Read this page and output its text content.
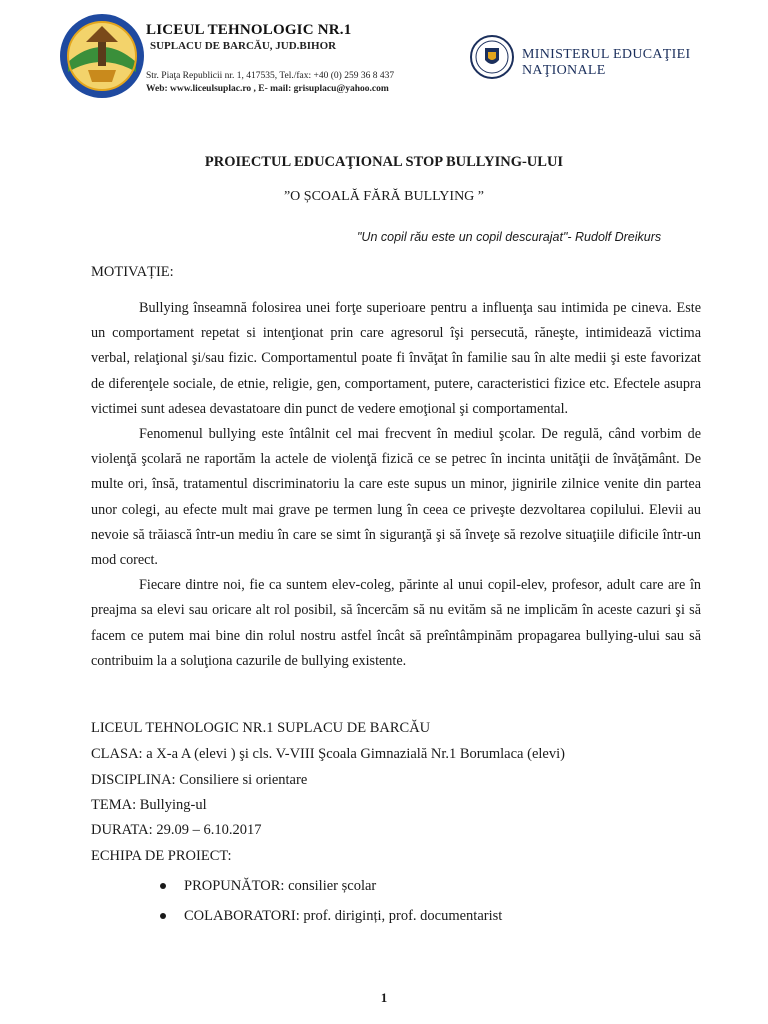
LICEUL TEHNOLOGIC NR.1
SUPLACU DE BARCĂU, JUD.BIHOR
Str. Piaţa Republicii nr. 1, 417535, Tel./fax: +40 (0) 259 36 8 437
Web: www.liceulsuplac.ro , E- mail: grisuplacu@yahoo.com
MINISTERUL EDUCAŢIEI NAŢIONALE
PROIECTUL EDUCAŢIONAL STOP BULLYING-ULUI
”O ȘCOALĂ FĂRĂ BULLYING ”
"Un copil rău este un copil descurajat"- Rudolf Dreikurs
MOTIVAȚIE:

Bullying înseamnă folosirea unei forţe superioare pentru a influenţa sau intimida pe cineva. Este un comportament repetat si intenţionat prin care agresorul îşi persecută, răneşte, intimidează victima verbal, relaţional şi/sau fizic. Comportamentul poate fi învăţat în familie sau în alte medii şi este favorizat de diferenţele sociale, de etnie, religie, gen, comportament, putere, caracteristici fizice etc. Efectele asupra victimei sunt adesea devastatoare din punct de vedere emoţional şi comportamental.

Fenomenul bullying este întâlnit cel mai frecvent în mediul şcolar. De regulă, când vorbim de violenţă şcolară ne raportăm la actele de violenţă fizică ce se petrec în incinta unităţii de învăţământ. De multe ori, însă, tratamentul discriminatoriu la care este supus un minor, jignirile zilnice venite din partea unor colegi, au efecte mult mai grave pe termen lung în ceea ce priveşte dezvoltarea copilului. Elevii au nevoie să trăiască într-un mediu în care se simt în siguranţă şi să înveţe să rezolve situaţiile dificile într-un mod corect.

Fiecare dintre noi, fie ca suntem elev-coleg, părinte al unui copil-elev, profesor, adult care are în preajma sa elevi sau oricare alt rol posibil, să încercăm să nu evităm să ne implicăm în aceste cazuri şi să facem ce putem mai bine din rolul nostru astfel încât să preîntâmpinăm propagarea bullying-ului sau să contribuim la a soluţiona cazurile de bullying existente.

LICEUL TEHNOLOGIC NR.1 SUPLACU DE BARCĂU
CLASA: a X-a A (elevi ) şi cls. V-VIII Şcoala Gimnazială Nr.1 Borumlaca (elevi)
DISCIPLINA: Consiliere si orientare
TEMA: Bullying-ul
DURATA: 29.09 – 6.10.2017
ECHIPA DE PROIECT:
PROPUNĂTOR: consilier școlar
COLABORATORI: prof. diriginți, prof. documentarist
1
